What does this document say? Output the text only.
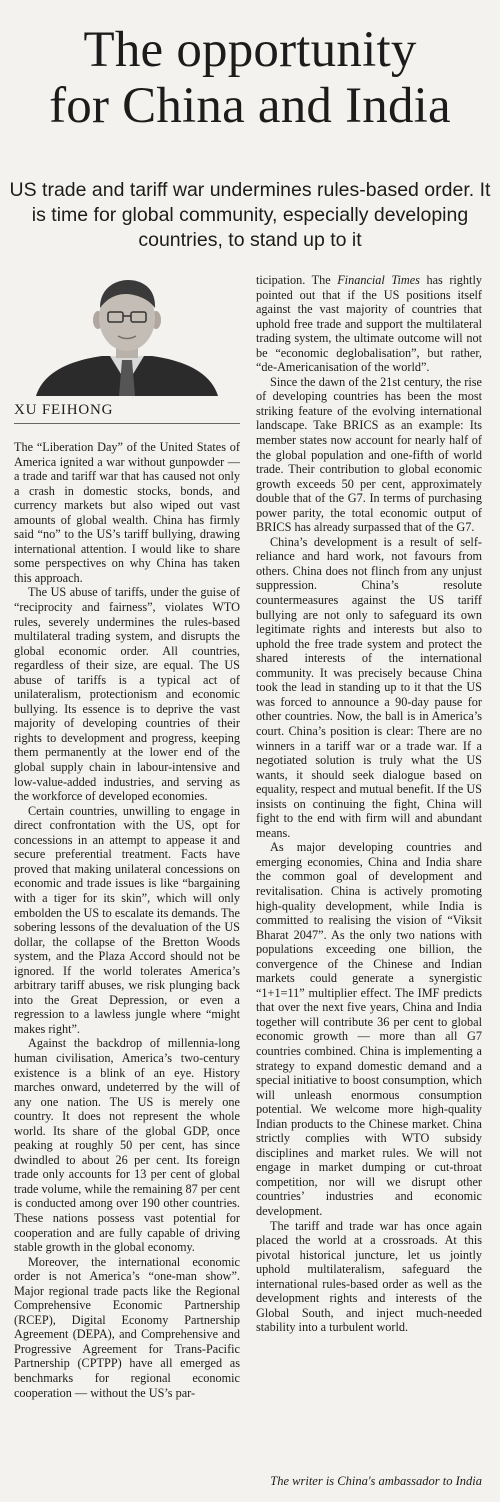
The opportunity
for China and India

US trade and tariff war undermines rules-based order. It is time for global community, especially developing countries, to stand up to it

XU FEIHONG

The “Liberation Day” of the United States of America ignited a war without gunpowder — a trade and tariff war that has caused not only a crash in domestic stocks, bonds, and currency markets but also wiped out vast amounts of global wealth. China has firmly said “no” to the US’s tariff bullying, drawing international attention. I would like to share some perspectives on why China has taken this approach.

The US abuse of tariffs, under the guise of “reciprocity and fairness”, violates WTO rules, severely undermines the rules-based multilateral trading system, and disrupts the global economic order. All countries, regardless of their size, are equal. The US abuse of tariffs is a typical act of unilateralism, protectionism and economic bullying. Its essence is to deprive the vast majority of developing countries of their rights to development and progress, keeping them permanently at the lower end of the global supply chain in labour-intensive and low-value-added industries, and serving as the workforce of developed economies.

Certain countries, unwilling to engage in direct confrontation with the US, opt for concessions in an attempt to appease it and secure preferential treatment. Facts have proved that making unilateral concessions on economic and trade issues is like “bargaining with a tiger for its skin”, which will only embolden the US to escalate its demands. The sobering lessons of the devaluation of the US dollar, the collapse of the Bretton Woods system, and the Plaza Accord should not be ignored. If the world tolerates America’s arbitrary tariff abuses, we risk plunging back into the Great Depression, or even a regression to a lawless jungle where “might makes right”.

Against the backdrop of millennia-long human civilisation, America’s two-century existence is a blink of an eye. History marches onward, undeterred by the will of any one nation. The US is merely one country. It does not represent the whole world. Its share of the global GDP, once peaking at roughly 50 per cent, has since dwindled to about 26 per cent. Its foreign trade only accounts for 13 per cent of global trade volume, while the remaining 87 per cent is conducted among over 190 other countries. These nations possess vast potential for cooperation and are fully capable of driving stable growth in the global economy.

Moreover, the international economic order is not America’s “one-man show”. Major regional trade pacts like the Regional Comprehensive Economic Partnership (RCEP), Digital Economy Partnership Agreement (DEPA), and Comprehensive and Progressive Agreement for Trans-Pacific Partnership (CPTPP) have all emerged as benchmarks for regional economic cooperation — without the US’s par-

ticipation. The Financial Times has rightly pointed out that if the US positions itself against the vast majority of countries that uphold free trade and support the multilateral trading system, the ultimate outcome will not be “economic deglobalisation”, but rather, “de-Americanisation of the world”.

Since the dawn of the 21st century, the rise of developing countries has been the most striking feature of the evolving international landscape. Take BRICS as an example: Its member states now account for nearly half of the global population and one-fifth of world trade. Their contribution to global economic growth exceeds 50 per cent, approximately double that of the G7. In terms of purchasing power parity, the total economic output of BRICS has already surpassed that of the G7.

China’s development is a result of self-reliance and hard work, not favours from others. China does not flinch from any unjust suppression. China’s resolute countermeasures against the US tariff bullying are not only to safeguard its own legitimate rights and interests but also to uphold the free trade system and protect the shared interests of the international community. It was precisely because China took the lead in standing up to it that the US was forced to announce a 90-day pause for other countries. Now, the ball is in America’s court. China’s position is clear: There are no winners in a tariff war or a trade war. If a negotiated solution is truly what the US wants, it should seek dialogue based on equality, respect and mutual benefit. If the US insists on continuing the fight, China will fight to the end with firm will and abundant means.

As major developing countries and emerging economies, China and India share the common goal of development and revitalisation. China is actively promoting high-quality development, while India is committed to realising the vision of “Viksit Bharat 2047”. As the only two nations with populations exceeding one billion, the convergence of the Chinese and Indian markets could generate a synergistic “1+1=11” multiplier effect. The IMF predicts that over the next five years, China and India together will contribute 36 per cent to global economic growth — more than all G7 countries combined. China is implementing a strategy to expand domestic demand and a special initiative to boost consumption, which will unleash enormous consumption potential. We welcome more high-quality Indian products to the Chinese market. China strictly complies with WTO subsidy disciplines and market rules. We will not engage in market dumping or cut-throat competition, nor will we disrupt other countries’ industries and economic development.

The tariff and trade war has once again placed the world at a crossroads. At this pivotal historical juncture, let us jointly uphold multilateralism, safeguard the international rules-based order as well as the development rights and interests of the Global South, and inject much-needed stability into a turbulent world.

The writer is China's ambassador to India
